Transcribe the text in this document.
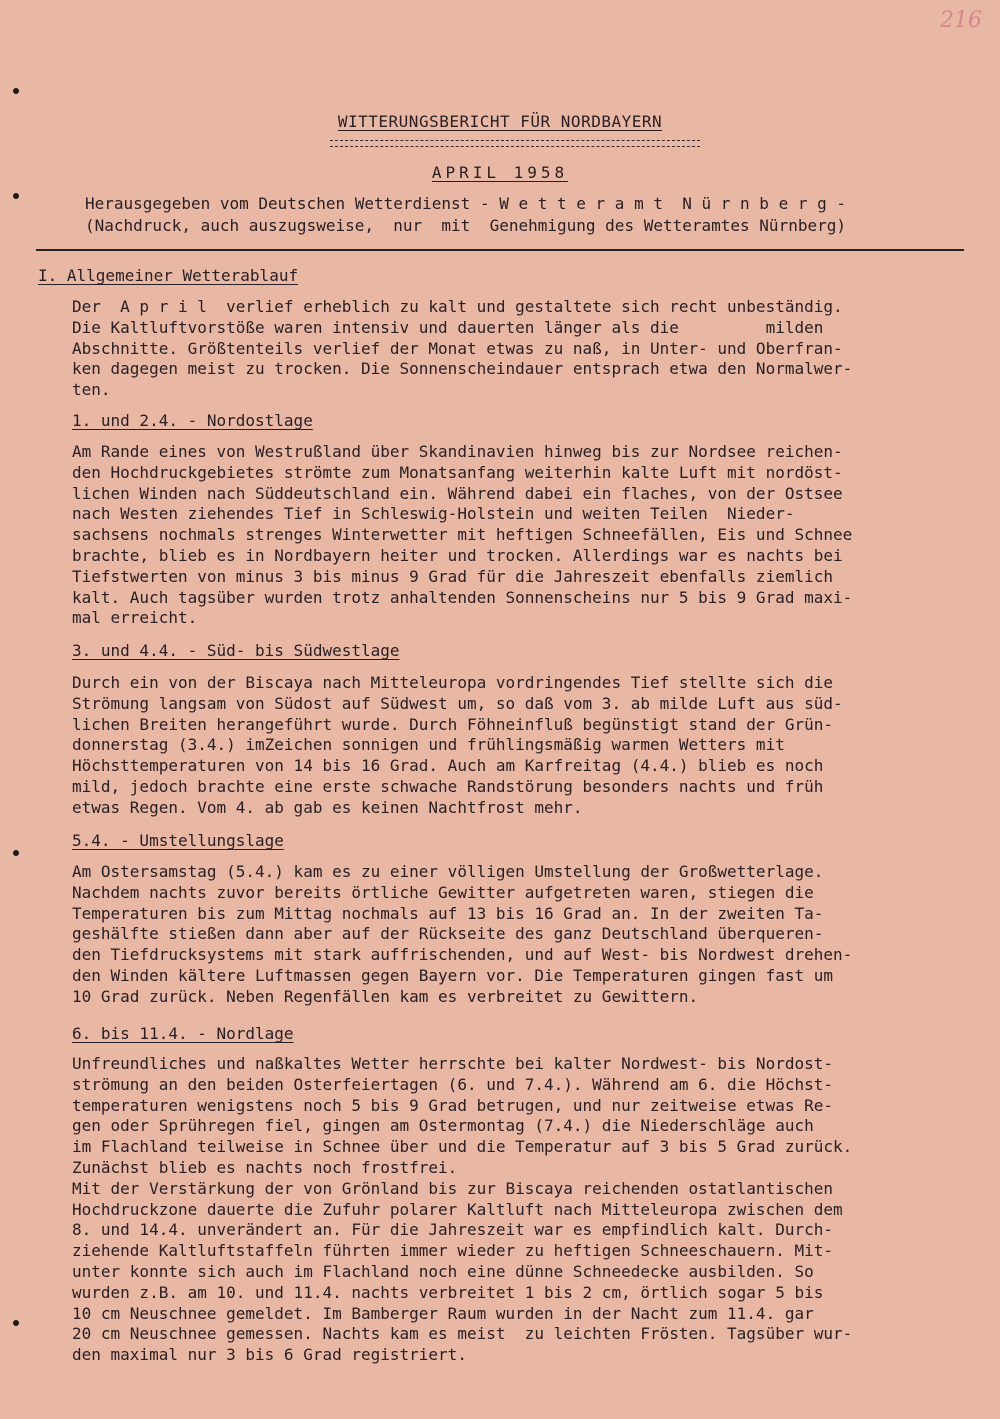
216
WITTERUNGSBERICHT FÜR NORDBAYERN
APRIL 1958
Herausgegeben vom Deutschen Wetterdienst - W e t t e r a m t  N ü r n b e r g -
(Nachdruck, auch auszugsweise,  nur  mit  Genehmigung des Wetteramtes Nürnberg)
I. Allgemeiner Wetterablauf
Der  A p r i l  verlief erheblich zu kalt und gestaltete sich recht unbeständig.
Die Kaltluftvorstöße waren intensiv und dauerten länger als die         milden
Abschnitte. Größtenteils verlief der Monat etwas zu naß, in Unter- und Oberfran-
ken dagegen meist zu trocken. Die Sonnenscheindauer entsprach etwa den Normalwer-
ten.
1. und 2.4. - Nordostlage
Am Rande eines von Westrußland über Skandinavien hinweg bis zur Nordsee reichen-
den Hochdruckgebietes strömte zum Monatsanfang weiterhin kalte Luft mit nordöst-
lichen Winden nach Süddeutschland ein. Während dabei ein flaches, von der Ostsee
nach Westen ziehendes Tief in Schleswig-Holstein und weiten Teilen  Nieder-
sachsens nochmals strenges Winterwetter mit heftigen Schneefällen, Eis und Schnee
brachte, blieb es in Nordbayern heiter und trocken. Allerdings war es nachts bei
Tiefstwerten von minus 3 bis minus 9 Grad für die Jahreszeit ebenfalls ziemlich
kalt. Auch tagsüber wurden trotz anhaltenden Sonnenscheins nur 5 bis 9 Grad maxi-
mal erreicht.
3. und 4.4. - Süd- bis Südwestlage
Durch ein von der Biscaya nach Mitteleuropa vordringendes Tief stellte sich die
Strömung langsam von Südost auf Südwest um, so daß vom 3. ab milde Luft aus süd-
lichen Breiten herangeführt wurde. Durch Föhneinfluß begünstigt stand der Grün-
donnerstag (3.4.) imZeichen sonnigen und frühlingsmäßig warmen Wetters mit
Höchsttemperaturen von 14 bis 16 Grad. Auch am Karfreitag (4.4.) blieb es noch
mild, jedoch brachte eine erste schwache Randstörung besonders nachts und früh
etwas Regen. Vom 4. ab gab es keinen Nachtfrost mehr.
5.4. - Umstellungslage
Am Ostersamstag (5.4.) kam es zu einer völligen Umstellung der Großwetterlage.
Nachdem nachts zuvor bereits örtliche Gewitter aufgetreten waren, stiegen die
Temperaturen bis zum Mittag nochmals auf 13 bis 16 Grad an. In der zweiten Ta-
geshälfte stießen dann aber auf der Rückseite des ganz Deutschland überqueren-
den Tiefdrucksystems mit stark auffrischenden, und auf West- bis Nordwest drehen-
den Winden kältere Luftmassen gegen Bayern vor. Die Temperaturen gingen fast um
10 Grad zurück. Neben Regenfällen kam es verbreitet zu Gewittern.
6. bis 11.4. - Nordlage
Unfreundliches und naßkaltes Wetter herrschte bei kalter Nordwest- bis Nordost-
strömung an den beiden Osterfeiertagen (6. und 7.4.). Während am 6. die Höchst-
temperaturen wenigstens noch 5 bis 9 Grad betrugen, und nur zeitweise etwas Re-
gen oder Sprühregen fiel, gingen am Ostermontag (7.4.) die Niederschläge auch
im Flachland teilweise in Schnee über und die Temperatur auf 3 bis 5 Grad zurück.
Zunächst blieb es nachts noch frostfrei.
Mit der Verstärkung der von Grönland bis zur Biscaya reichenden ostatlantischen
Hochdruckzone dauerte die Zufuhr polarer Kaltluft nach Mitteleuropa zwischen dem
8. und 14.4. unverändert an. Für die Jahreszeit war es empfindlich kalt. Durch-
ziehende Kaltluftstaffeln führten immer wieder zu heftigen Schneeschauern. Mit-
unter konnte sich auch im Flachland noch eine dünne Schneedecke ausbilden. So
wurden z.B. am 10. und 11.4. nachts verbreitet 1 bis 2 cm, örtlich sogar 5 bis
10 cm Neuschnee gemeldet. Im Bamberger Raum wurden in der Nacht zum 11.4. gar
20 cm Neuschnee gemessen. Nachts kam es meist  zu leichten Frösten. Tagsüber wur-
den maximal nur 3 bis 6 Grad registriert.
